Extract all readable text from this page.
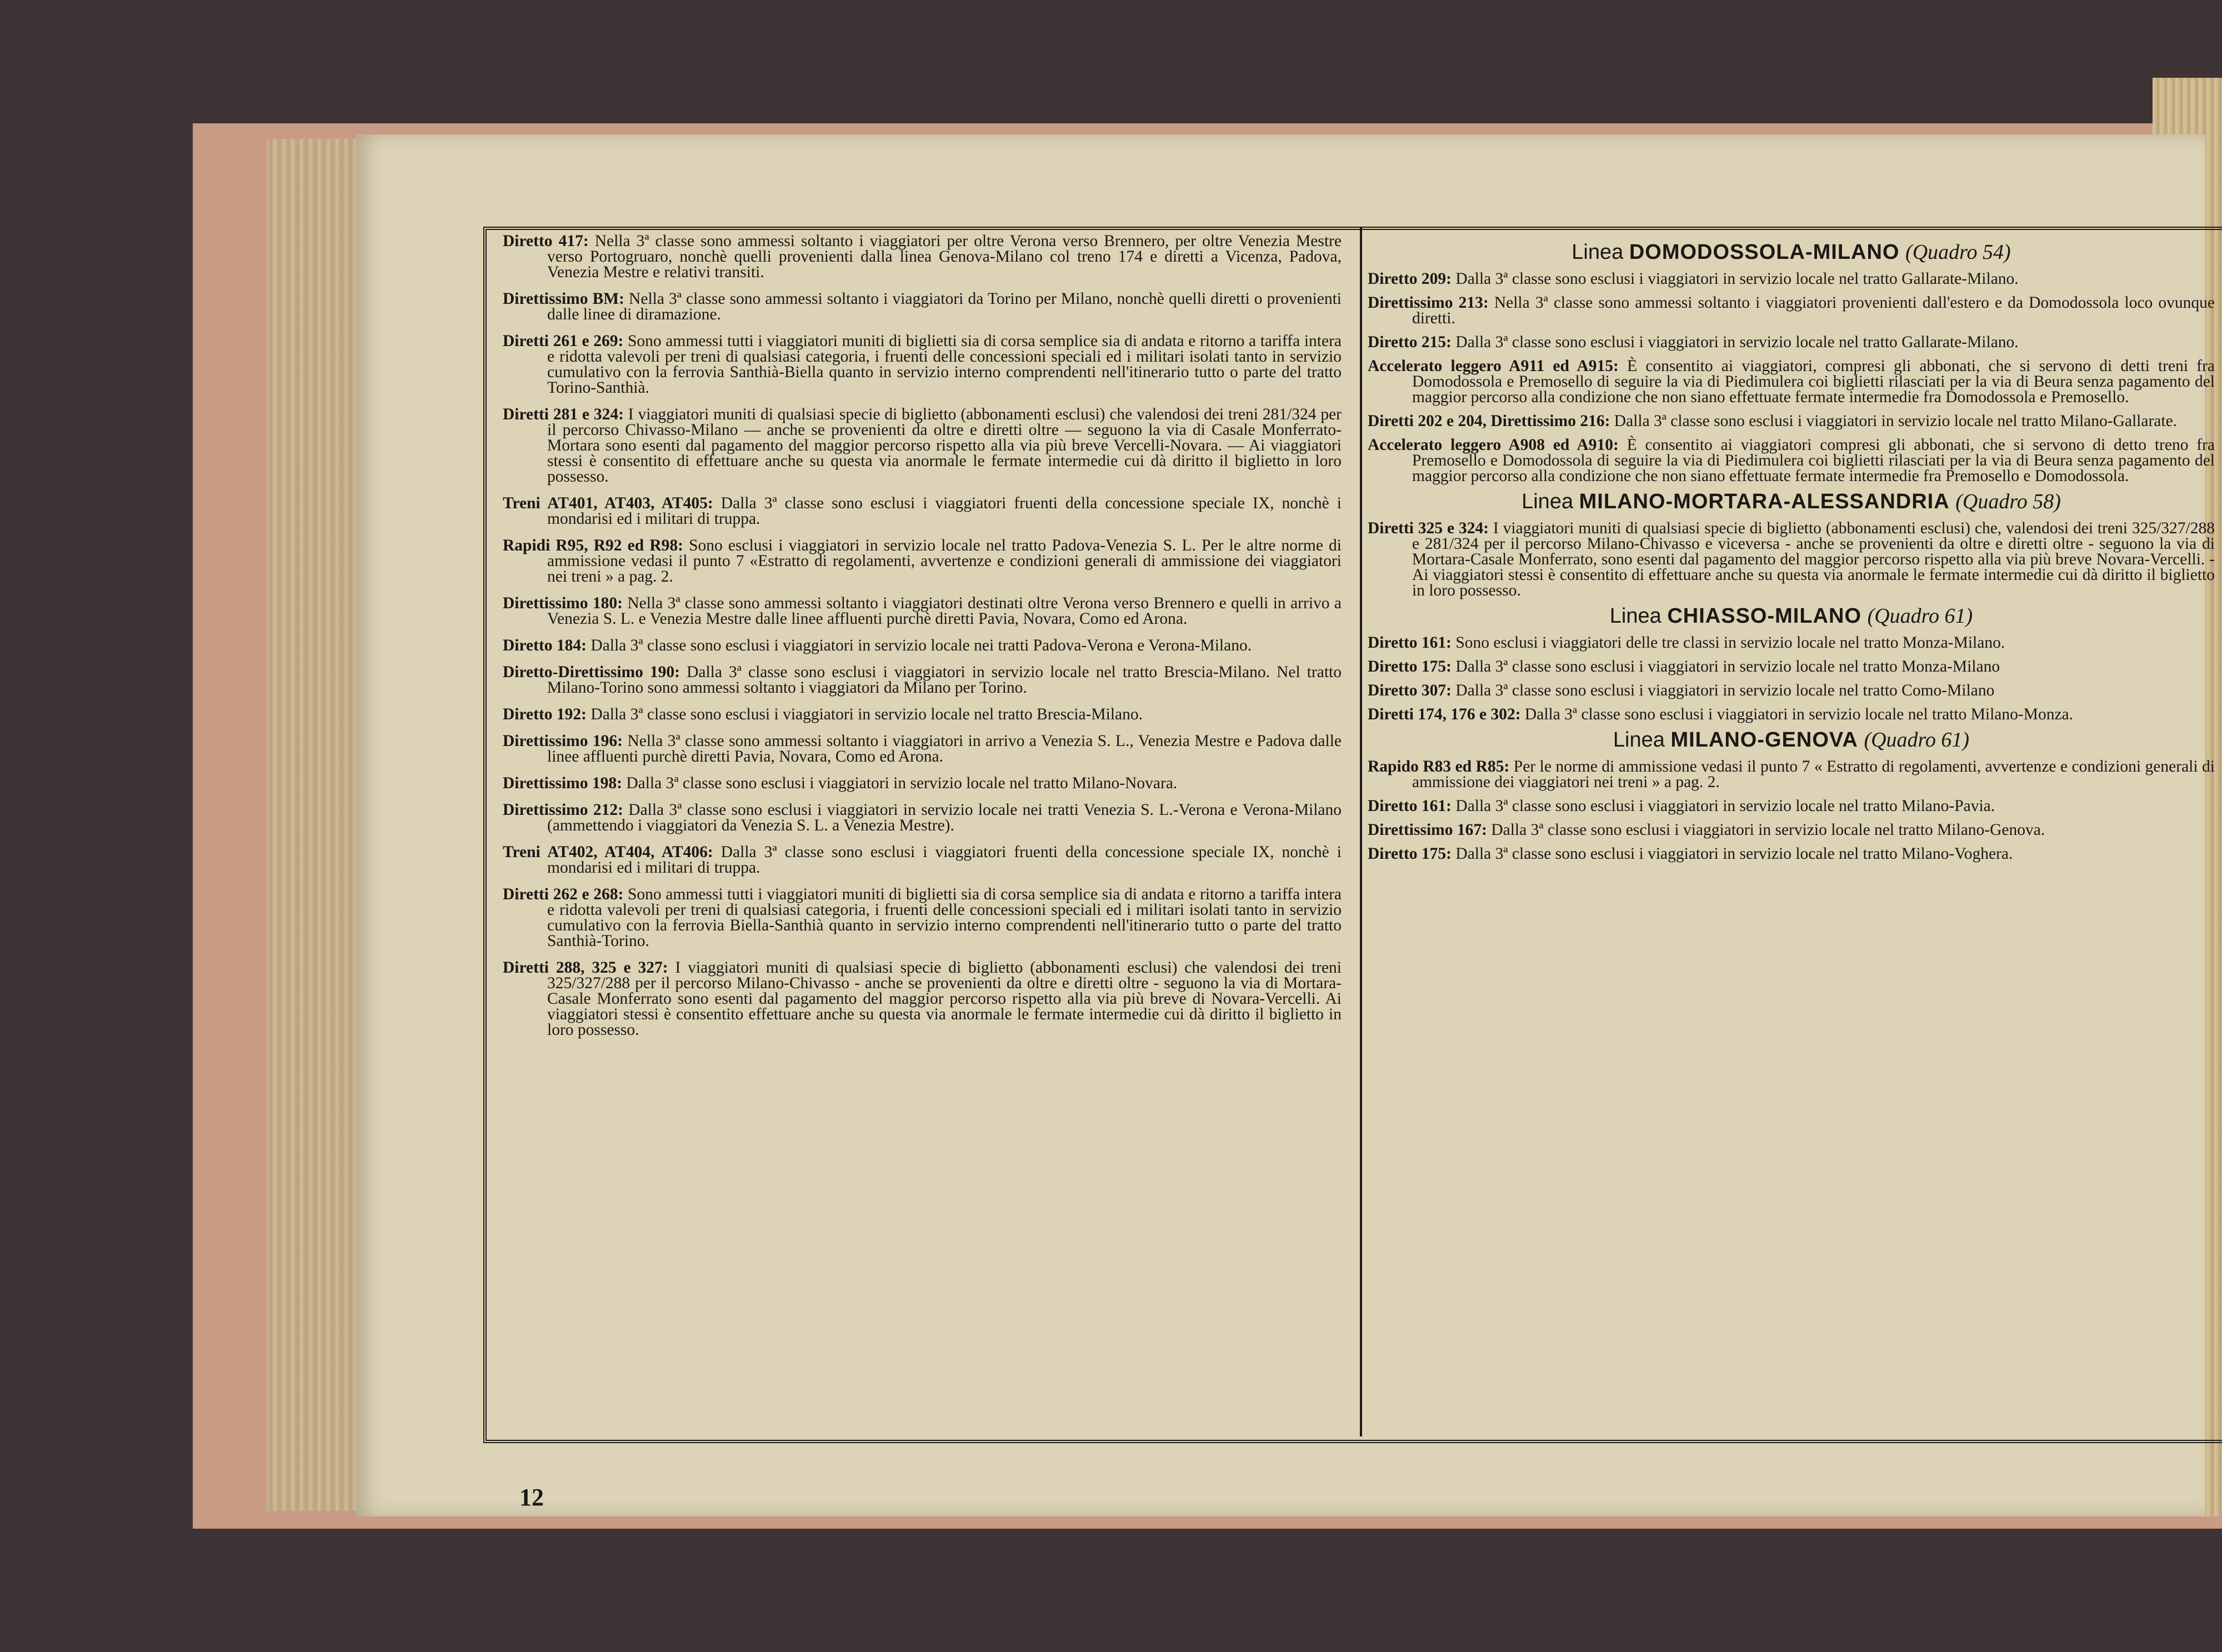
Diretto 417: Nella 3ª classe sono ammessi soltanto i viaggiatori per oltre Verona verso Brennero, per oltre Venezia Mestre verso Portogruaro, nonchè quelli provenienti dalla linea Genova-Milano col treno 174 e diretti a Vicenza, Padova, Venezia Mestre e relativi transiti.
Direttissimo BM: Nella 3ª classe sono ammessi soltanto i viaggiatori da Torino per Milano, nonchè quelli diretti o provenienti dalle linee di diramazione.
Diretti 261 e 269: Sono ammessi tutti i viaggiatori muniti di biglietti sia di corsa semplice sia di andata e ritorno a tariffa intera e ridotta valevoli per treni di qualsiasi categoria, i fruenti delle concessioni speciali ed i militari isolati tanto in servizio cumulativo con la ferrovia Santhià-Biella quanto in servizio interno comprendenti nell'itinerario tutto o parte del tratto Torino-Santhià.
Diretti 281 e 324: I viaggiatori muniti di qualsiasi specie di biglietto (abbonamenti esclusi) che valendosi dei treni 281/324 per il percorso Chivasso-Milano — anche se provenienti da oltre e diretti oltre — seguono la via di Casale Monferrato-Mortara sono esenti dal pagamento del maggior percorso rispetto alla via più breve Vercelli-Novara. — Ai viaggiatori stessi è consentito di effettuare anche su questa via anormale le fermate intermedie cui dà diritto il biglietto in loro possesso.
Treni AT401, AT403, AT405: Dalla 3ª classe sono esclusi i viaggiatori fruenti della concessione speciale IX, nonchè i mondarisi ed i militari di truppa.
Rapidi R95, R92 ed R98: Sono esclusi i viaggiatori in servizio locale nel tratto Padova-Venezia S. L. Per le altre norme di ammissione vedasi il punto 7 «Estratto di regolamenti, avvertenze e condizioni generali di ammissione dei viaggiatori nei treni » a pag. 2.
Direttissimo 180: Nella 3ª classe sono ammessi soltanto i viaggiatori destinati oltre Verona verso Brennero e quelli in arrivo a Venezia S. L. e Venezia Mestre dalle linee affluenti purchè diretti Pavia, Novara, Como ed Arona.
Diretto 184: Dalla 3ª classe sono esclusi i viaggiatori in servizio locale nei tratti Padova-Verona e Verona-Milano.
Diretto-Direttissimo 190: Dalla 3ª classe sono esclusi i viaggiatori in servizio locale nel tratto Brescia-Milano. Nel tratto Milano-Torino sono ammessi soltanto i viaggiatori da Milano per Torino.
Diretto 192: Dalla 3ª classe sono esclusi i viaggiatori in servizio locale nel tratto Brescia-Milano.
Direttissimo 196: Nella 3ª classe sono ammessi soltanto i viaggiatori in arrivo a Venezia S. L., Venezia Mestre e Padova dalle linee affluenti purchè diretti Pavia, Novara, Como ed Arona.
Direttissimo 198: Dalla 3ª classe sono esclusi i viaggiatori in servizio locale nel tratto Milano-Novara.
Direttissimo 212: Dalla 3ª classe sono esclusi i viaggiatori in servizio locale nei tratti Venezia S. L.-Verona e Verona-Milano (ammettendo i viaggiatori da Venezia S. L. a Venezia Mestre).
Treni AT402, AT404, AT406: Dalla 3ª classe sono esclusi i viaggiatori fruenti della concessione speciale IX, nonchè i mondarisi ed i militari di truppa.
Diretti 262 e 268: Sono ammessi tutti i viaggiatori muniti di biglietti sia di corsa semplice sia di andata e ritorno a tariffa intera e ridotta valevoli per treni di qualsiasi categoria, i fruenti delle concessioni speciali ed i militari isolati tanto in servizio cumulativo con la ferrovia Biella-Santhià quanto in servizio interno comprendenti nell'itinerario tutto o parte del tratto Santhià-Torino.
Diretti 288, 325 e 327: I viaggiatori muniti di qualsiasi specie di biglietto (abbonamenti esclusi) che valendosi dei treni 325/327/288 per il percorso Milano-Chivasso - anche se provenienti da oltre e diretti oltre - seguono la via di Mortara-Casale Monferrato sono esenti dal pagamento del maggior percorso rispetto alla via più breve di Novara-Vercelli. Ai viaggiatori stessi è consentito effettuare anche su questa via anormale le fermate intermedie cui dà diritto il biglietto in loro possesso.
Linea DOMODOSSOLA-MILANO (Quadro 54)
Diretto 209: Dalla 3ª classe sono esclusi i viaggiatori in servizio locale nel tratto Gallarate-Milano.
Direttissimo 213: Nella 3ª classe sono ammessi soltanto i viaggiatori provenienti dall'estero e da Domodossola loco ovunque diretti.
Diretto 215: Dalla 3ª classe sono esclusi i viaggiatori in servizio locale nel tratto Gallarate-Milano.
Accelerato leggero A911 ed A915: È consentito ai viaggiatori, compresi gli abbonati, che si servono di detti treni fra Domodossola e Premosello di seguire la via di Piedimulera coi biglietti rilasciati per la via di Beura senza pagamento del maggior percorso alla condizione che non siano effettuate fermate intermedie fra Domodossola e Premosello.
Diretti 202 e 204, Direttissimo 216: Dalla 3ª classe sono esclusi i viaggiatori in servizio locale nel tratto Milano-Gallarate.
Accelerato leggero A908 ed A910: È consentito ai viaggiatori compresi gli abbonati, che si servono di detto treno fra Premosello e Domodossola di seguire la via di Piedimulera coi biglietti rilasciati per la via di Beura senza pagamento del maggior percorso alla condizione che non siano effettuate fermate intermedie fra Premosello e Domodossola.
Linea MILANO-MORTARA-ALESSANDRIA (Quadro 58)
Diretti 325 e 324: I viaggiatori muniti di qualsiasi specie di biglietto (abbonamenti esclusi) che, valendosi dei treni 325/327/288 e 281/324 per il percorso Milano-Chivasso e viceversa - anche se provenienti da oltre e diretti oltre - seguono la via di Mortara-Casale Monferrato, sono esenti dal pagamento del maggior percorso rispetto alla via più breve Novara-Vercelli. - Ai viaggiatori stessi è consentito di effettuare anche su questa via anormale le fermate intermedie cui dà diritto il biglietto in loro possesso.
Linea CHIASSO-MILANO (Quadro 61)
Diretto 161: Sono esclusi i viaggiatori delle tre classi in servizio locale nel tratto Monza-Milano.
Diretto 175: Dalla 3ª classe sono esclusi i viaggiatori in servizio locale nel tratto Monza-Milano
Diretto 307: Dalla 3ª classe sono esclusi i viaggiatori in servizio locale nel tratto Como-Milano
Diretti 174, 176 e 302: Dalla 3ª classe sono esclusi i viaggiatori in servizio locale nel tratto Milano-Monza.
Linea MILANO-GENOVA (Quadro 61)
Rapido R83 ed R85: Per le norme di ammissione vedasi il punto 7 « Estratto di regolamenti, avvertenze e condizioni generali di ammissione dei viaggiatori nei treni » a pag. 2.
Diretto 161: Dalla 3ª classe sono esclusi i viaggiatori in servizio locale nel tratto Milano-Pavia.
Direttissimo 167: Dalla 3ª classe sono esclusi i viaggiatori in servizio locale nel tratto Milano-Genova.
Diretto 175: Dalla 3ª classe sono esclusi i viaggiatori in servizio locale nel tratto Milano-Voghera.
12
